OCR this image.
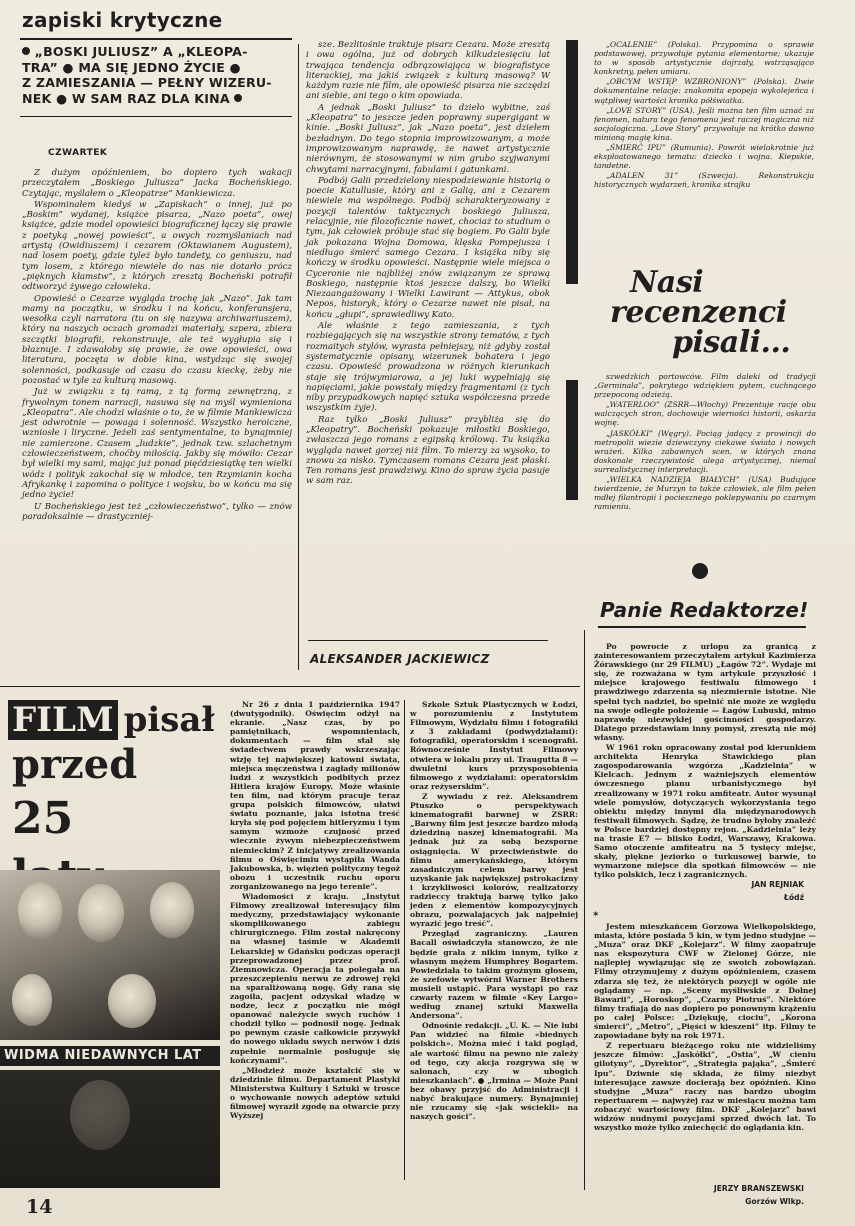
zapiski krytyczne
„BOSKI JULIUSZ” A „KLEOPA-
TRA” ● MA SIĘ JEDNO ŻYCIE ●
Z ZAMIESZANIA — PEŁNY WIZERU-
NEK ● W SAM RAZ DLA KINA
CZWARTEK

Z dużym opóźnieniem, bo dopiero tych wakacji przeczytałem „Boskiego Juliusza” Jacka Bocheńskiego. Czytając, myślałem o „Kleopatrze” Mankiewicza.

Wspominałem kiedyś w „Zapiskach” o innej, już po „Boskim” wydanej, książce pisarza, „Nazo poeta”, owej książce, gdzie model opowieści biograficznej łączy się prawie z poetyką „nowej powieści”, a owych rozmyślaniach nad artystą (Owidiuszem) i cezarem (Oktawianem Augustem), nad losem poety, gdzie tyleż było tandety, co geniuszu, nad tym losem, z którego niewiele do nas nie dotarło prócz „pięknych kłamstw”, z których zresztą Bocheński potrafił odtworzyć żywego człowieka.

Opowieść o Cezarze wygląda trochę jak „Nazo”. Jak tam mamy na początku, w środku i na końcu, konferansjera, wesołka czyli narratora (tu on się nazywa archiwariuszem), który na naszych oczach gromadzi materiały, szpera, zbiera szczątki biografii, rekonstruuje, ale też wygłupia się i błaznuje. I zdawałoby się prawie, że owe opowieści, owa literatura, poczęta w dobie kina, wstydząc się swojej solenności, podkasuje od czasu do czasu kieckę, żeby nie pozostać w tyle za kulturą masową.

Już w związku z tą ramą, z tą formą zewnętrzną, z frywolnym tonem narracji, nasuwa się na myśl wymieniona „Kleopatra”. Ale chodzi właśnie o to, że w filmie Mankiewicza jest odwrotnie — powaga i solenność. Wszystko heroiczne, wzniosłe i liryczne. Jeżeli zaś sentymentalne, to bynajmniej nie zamierzone. Czasem „ludzkie”, jednak tzw. szlachetnym człowieczeństwem, choćby miłością. Jakby się mówiło: Cezar był wielki my sami, mając już ponad pięćdziesiątkę ten wielki wódz i polityk zakochał się w młodce, ten Rzymianin kocha Afrykankę i zapomina o polityce i wojsku, bo w końcu ma się jedno życie!

U Bocheńskiego jest też „człowieczeństwo”, tylko — znów paradoksalnie — drastyczniej-

sze. Bezlitośnie traktuje pisarz Cezara. Może zresztą i owa ogólna, już od dobrych kilkudziesięciu lat trwająca tendencja odbrązowiająca w biografistyce literackiej, ma jakiś związek z kulturą masową? W każdym razie nie film, ale opowieść pisarza nie szczędzi ani siebie, ani tego o kim opowiada.

A jednak „Boski Juliusz” to dzieło wybitne, zaś „Kleopatra” to jeszcze jeden poprawny supergigant w kinie. „Boski Juliusz”, jak „Nazo poeta”, jest dziełem bezładnym. Do tego stopnia improwizowanym, a może improwizowanym naprawdę, że nawet artystycznie nierównym, że stosowanymi w nim grubo szyjwanymi chwytami narracyjnymi, fabulami i gatunkami.

Podbój Galii przedzielony niespodziewanie historią o poecie Katullusie, który ani z Galią, ani z Cezarem niewiele ma wspólnego. Podbój scharakteryzowany z pozycji talentów taktycznych boskiego Juliusza, relacyjnie, nie filozoficznie nawet, chociaż to studium o tym, jak człowiek próbuje stać się bogiem. Po Galii byle jak pokazana Wojna Domowa, klęska Pompejusza i niedługo śmierć samego Cezara. I książka niby się kończy w środku opowieści. Następnie wiele miejsca o Cyceronie nie najbliżej znów związanym ze sprawą Boskiego, następnie ktoś jeszcze dalszy, bo Wielki Niezaangażowany i Wielki Lawirant — Attykus, obok Nepos, historyk, który o Cezarze nawet nie pisał, na końcu „głupi”, sprawiedliwy Kato.

Ale właśnie z tego zamieszania, z tych rozbiegających się na wszystkie strony tematów, z tych rozmaitych stylów, wyrasta pełniejszy, niż gdyby został systematycznie opisany, wizerunek bohatera i jego czasu. Opowieść prowadzona w różnych kierunkach staje się trójwymiarowa, a jej luki wypełniają się napięciami, jakie powstały między fragmentami (z tych niby przypadkowych napięć sztuka współczesna przede wszystkim żyje).

Raz tylko „Boski Juliusz” przybliża się do „Kleopatry”. Bocheński pokazuje miłostki Boskiego, zwłaszcza jego romans z egipską królową. Tu książka wygląda nawet gorzej niż film. To mierzy za wysoko, to znowu za nisko. Tymczasem romans Cezara jest płaski. Ten romans jest prawdziwy. Kino do spraw życia pasuje w sam raz.

ALEKSANDER JACKIEWICZ

„OCALENIE” (Polska). Przypomina o sprawie podstawowej, przywołuje pytania elementarne; ukazuje to w sposób artystycznie dojrzały, wstrząsająco konkretny, pełen umiaru.

„OBCYM WSTĘP WZBRONIONY” (Polska). Dwie dokumentalne relacje: znakomita epopeja wykolejeńca i wątpliwej wartości kronika półświatka.

„LOVE STORY” (USA). Jeśli można ten film uznać za fenomen, natura tego fenomenu jest raczej magiczna niż socjologiczna. „Love Story” przywołuje na krótko dawno minioną magię kina.

„ŚMIERĆ IPU” (Rumunia). Powrót wielokrotnie już eksploatowanego tematu: dziecko i wojna. Kiepskie, tandetne.

„ADALEN 31” (Szwecja). Rekonstrukcja historycznych wydarzeń, kronika strajku

Nasi
recenzenci
pisali...

szwedzkich portowców. Film daleki od tradycji „Germinala”, pokrytego wdziękiem pytem, cuchnącego przepoconą odzieżą.

„WATERLOO” (ZSRR—Włochy) Prezentuje racje obu walczących stron, dochowuje wierności historii, oskarża wojnę.

„JASKÓŁKI” (Węgry). Pociąg jadący z prowincji do metropolii wiezie dziewczyny ciekawe świata i nowych wrażeń. Kilka zabawnych scen, w których znana doskonale rzeczywistość ulega artystycznej, niemal surrealistycznej interpretacji.

„WIELKA NADZIEJA BIAŁYCH” (USA) Budujące twierdzenie, że Murzyn to także człowiek, ale film pełen mdłej filantropii i pociesznego poklepywaniu po czarnym ramieniu.

Panie Redaktorze!

Po powrocie z urlopu za granicą z zainteresowaniem przeczytałem artykuł Kazimierza Żórawskiego (nr 29 FILMU) „Łagów 72”. Wydaje mi się, że rozważana w tym artykule przyszłość i miejsce krajowego festiwalu filmowego i prawdziwego zdarzenia są niezmiernie istotne. Nie spełni tych nadziei, bo spełnić nie może ze względu na swoje odległe położenie — Łagów Lubuski, mimo naprawdę niezwykłej gościnności gospodarzy. Dlatego przedstawiam inny pomysł, zresztą nie mój własny.

W 1961 roku opracowany został pod kierunkiem architekta Henryka Stawickiego plan zagospodarowania wzgórza „Kadzielnia” w Kielcach. Jednym z ważniejszych elementów ówczesnego planu urbanistycznego był zrealizowany w 1971 roku amfiteatr. Autor wysunął wiele pomysłów, dotyczących wykorzystania tego obiektu między innymi dla międzynarodowych festiwali filmowych. Sądzę, że trudno byłoby znaleźć w Polsce bardziej dostępny rejon. „Kadzielnia” leży na trasie E7 — blisko Łodzi, Warszawy, Krakowa. Samo otoczenie amfiteatru na 5 tysięcy miejsc, skały, piękne jeziorko o turkusowej barwie, to wymarzone miejsce dla spotkań filmowców — nie tylko polskich, lecz i zagranicznych.

JAN REJNIAK
Łódź
✶

Jestem mieszkańcem Gorzowa Wielkopolskiego, miasta, które posiada 5 kin, w tym jedno studyjne — „Muza” oraz DKF „Kolejarz”. W filmy zaopatruje nas ekspozytura CWF w Zielonej Górze, nie najlepiej wywiązując się ze swoich zobowiązań. Filmy otrzymujemy z dużym opóźnieniem, czasem zdarza się też, że niektórych pozycji w ogóle nie oglądamy — np. „Sceny myśliwskie z Dolnej Bawarii”, „Horoskop”, „Czarny Piotruś”. Niektóre filmy trafiają do nas dopiero po ponownym krążeniu po całej Polsce: „Dziękuję, ciociu”, „Korona śmierci”, „Metro”, „Pięści w kieszeni” itp. Filmy te zapowiadane były na rok 1971.

Z repertuaru bieżącego roku nie widzieliśmy jeszcze filmów: „Jaskółki”, „Ostia”, „W cieniu gilotyny”, „Dyrektor”, „Strategia pająka”, „Śmierć Ipu”. Dziwnie się składa, że filmy niezbyt interesujące zawsze docierają bez opóźnień. Kino studyjne „Muza” raczy nas bardzo ubogim repertuarem — najwyżej raz w miesiącu można tam zobaczyć wartościowy film. DKF „Kolejarz” bawi widzów nudnymi pozycjami sprzed dwóch lat. To wszystko może tylko zniechęcić do oglądania kin.

JERZY BRANSZEWSKI
Gorzów Wlkp.
FILM pisał
przed
25
WIDMA NIEDAWNYCH LAT

Nr 26 z dnia 1 października 1947 (dwutygodnik). Oświęcim odżył na ekranie. „Nasz czas, by po pamiętnikach, wspomnieniach, dokumentach — film stał się świadectwem prawdy wskrzeszając wizję tej największej katowni świata, miejsca męczeństwa i zagłady milionów ludzi z wszystkich podbitych przez Hitlera krajów Europy. Może właśnie ten film, nad którym pracuje teraz grupa polskich filmowców, ułatwi światu poznanie, jaka istotna treść kryła się pod pojęciem hitleryzmu i tym samym wzmoże czujność przed wiecznie żywym niebezpieczeństwem niemieckim? Z inicjatywy zrealizowania filmu o Oświęcimiu wystąpiła Wanda Jakubowska, b. więzień polityczny tegoż obozu i uczestnik ruchu oporu zorganizowanego na jego terenie”.

Wiadomości z kraju. „Instytut Filmowy zrealizował interesujący film medyczny, przedstawiający wykonanie skomplikowanego zabiegu chirurgicznego. Film został nakręcony na własnej taśmie w Akademii Lekarskiej w Gdańsku podczas operacji przeprowadzonej przez prof. Ziemnowicza. Operacja ta polegała na przeszczepieniu nerwu ze zdrowej ręki na sparaliżowaną nogę. Gdy rana się zagoiła, pacjent odzyskał władzę w nodze, lecz z początku nie mógł opanować należycie swych ruchów i chodził tylko — podnosił nogę. Jednak po pewnym czasie całkowicie przywykł do nowego układu swych nerwów i dziś zupełnie normalnie posługuje się kończynami”.

„Młodzież może kształcić się w dziedzinie filmu. Departament Plastyki Ministerstwa Kultury i Sztuki w trosce o wychowanie nowych adeptów sztuki filmowej wyraził zgodę na otwarcie przy Wyższej

Szkole Sztuk Plastycznych w Łodzi, w porozumieniu z Instytutem Filmowym, Wydziału filmu i fotografiki z 3 zakładami (podwydziałami): fotografiki, operatorskim i scenografii. Równocześnie Instytut Filmowy otwiera w lokalu przy ul. Traugutta 8 — dwuletni kurs przysposobienia filmowego z wydziałami: operatorskim oraz reżyserskim”.

Z wywiadu z reż. Aleksandrem Ptuszko o perspektywach kinematografii barwnej w ZSRR: „Barwny film jest jeszcze bardzo młodą dziedziną naszej kinematografii. Ma jednak już za sobą bezsporne osiągnięcia. W przeciwieństwie do filmu amerykańskiego, którym zasadniczym celem barwy jest uzyskanie jak największej pstrokacizny i krzykliwości kolorów, realizatorzy radzieccy traktują barwę tylko jako jeden z elementów kompozycyjnych obrazu, pozwalających jak najpełniej wyrazić jego treść”.

Przegląd zagraniczny. „Lauren Bacall oświadczyła stanowczo, że nie będzie grała z nikim innym, tylko z własnym mężem Humphrey Bogartem. Powiedziała to takim groźnym głosem, że szefowie wytwórni Warner Brothers musieli ustąpić. Para wystąpi po raz czwarty razem w filmie «Key Largo» według znanej sztuki Maxwella Andersona”.

Odnośnie redakcji. „U. K. — Nie lubi Pan widzieć na filmie «biednych polskich». Można mieć i taki pogląd, ale wartość filmu na pewno nie zależy od tego, czy akcja rozgrywa się w salonach, czy w ubogich mieszkaniach”. ● „Irmina — Może Pani bez obawy przyjść do Administracji i nabyć brakujące numery. Bynajmniej nie rzucamy się «jak wściekli» na naszych gości”.

14
